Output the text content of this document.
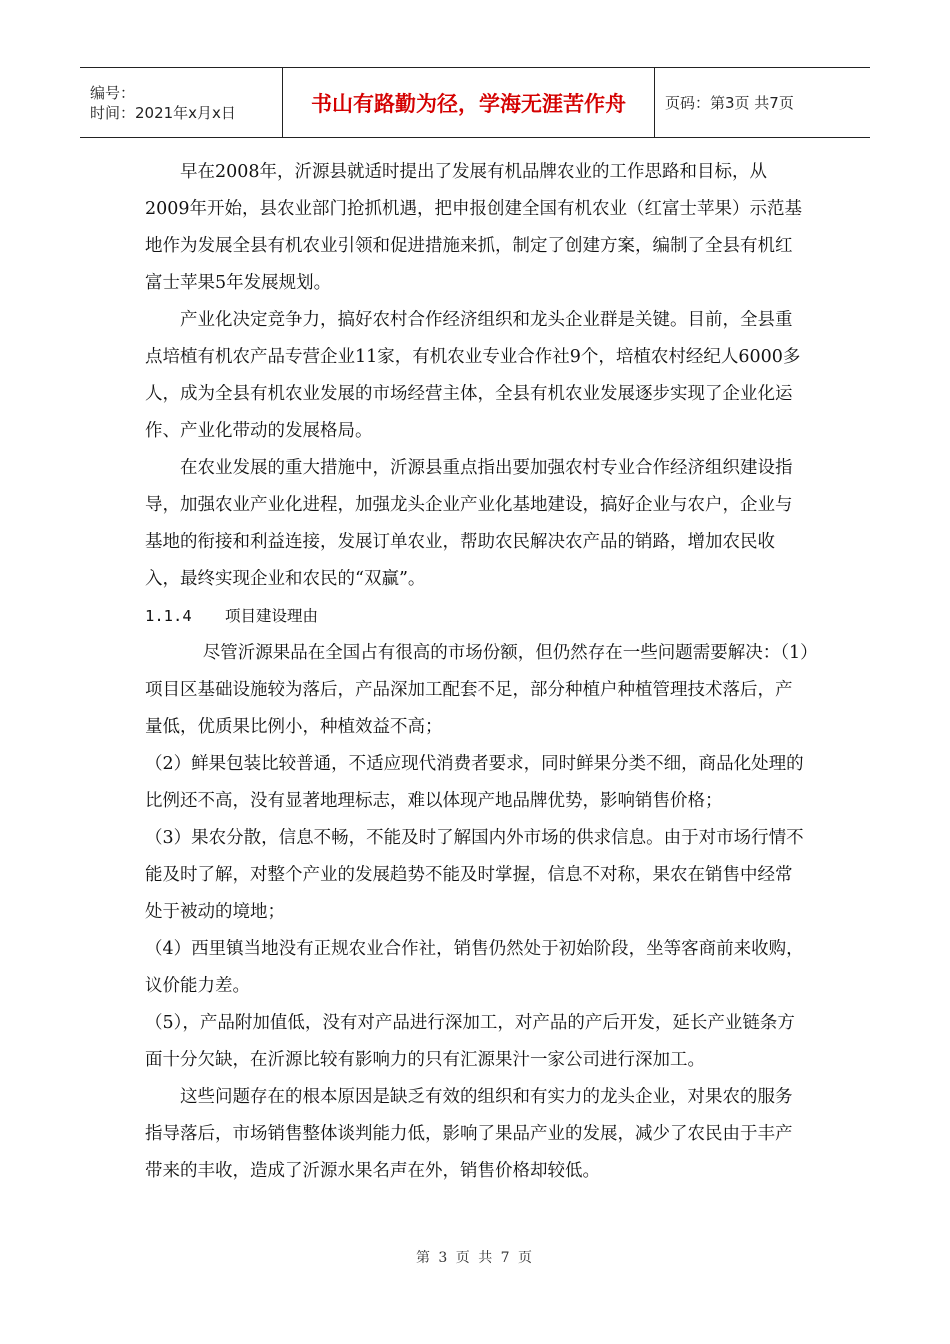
编号：
时间：2021年x月x日	书山有路勤为径，学海无涯苦作舟	页码：第3页 共7页

早在2008年，沂源县就适时提出了发展有机品牌农业的工作思路和目标，从2009年开始，县农业部门抢抓机遇，把申报创建全国有机农业（红富士苹果）示范基地作为发展全县有机农业引领和促进措施来抓，制定了创建方案，编制了全县有机红富士苹果5年发展规划。

产业化决定竞争力，搞好农村合作经济组织和龙头企业群是关键。目前，全县重点培植有机农产品专营企业11家，有机农业专业合作社9个，培植农村经纪人6000多人，成为全县有机农业发展的市场经营主体，全县有机农业发展逐步实现了企业化运作、产业化带动的发展格局。

在农业发展的重大措施中，沂源县重点指出要加强农村专业合作经济组织建设指导，加强农业产业化进程，加强龙头企业产业化基地建设，搞好企业与农户，企业与基地的衔接和利益连接，发展订单农业，帮助农民解决农产品的销路，增加农民收入，最终实现企业和农民的“双赢”。

1.1.4 项目建设理由

尽管沂源果品在全国占有很高的市场份额，但仍然存在一些问题需要解决：（1）项目区基础设施较为落后，产品深加工配套不足，部分种植户种植管理技术落后，产量低，优质果比例小，种植效益不高；

（2）鲜果包装比较普通，不适应现代消费者要求，同时鲜果分类不细，商品化处理的比例还不高，没有显著地理标志，难以体现产地品牌优势，影响销售价格；

（3）果农分散，信息不畅，不能及时了解国内外市场的供求信息。由于对市场行情不能及时了解，对整个产业的发展趋势不能及时掌握，信息不对称，果农在销售中经常处于被动的境地；

（4）西里镇当地没有正规农业合作社，销售仍然处于初始阶段，坐等客商前来收购，议价能力差。

（5），产品附加值低，没有对产品进行深加工，对产品的产后开发，延长产业链条方面十分欠缺，在沂源比较有影响力的只有汇源果汁一家公司进行深加工。

这些问题存在的根本原因是缺乏有效的组织和有实力的龙头企业，对果农的服务指导落后，市场销售整体谈判能力低，影响了果品产业的发展，减少了农民由于丰产带来的丰收，造成了沂源水果名声在外，销售价格却较低。

第 3 页 共 7 页
